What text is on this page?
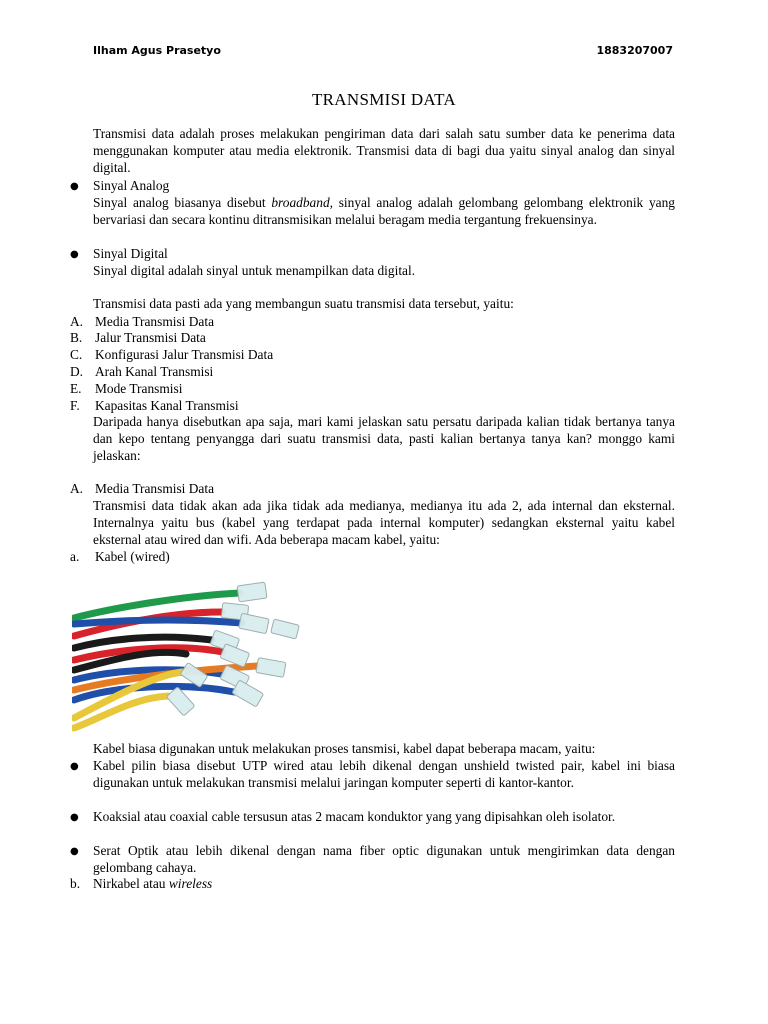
Ilham Agus Prasetyo	1883207007
TRANSMISI DATA
Transmisi data adalah proses melakukan pengiriman data dari salah satu sumber data ke penerima data menggunakan komputer atau media elektronik. Transmisi data di bagi dua yaitu sinyal analog dan sinyal digital.
● Sinyal Analog
Sinyal analog biasanya disebut broadband, sinyal analog adalah gelombang gelombang elektronik yang bervariasi dan secara kontinu ditransmisikan melalui beragam media tergantung frekuensinya.
● Sinyal Digital
Sinyal digital adalah sinyal untuk menampilkan data digital.
Transmisi data pasti ada yang membangun suatu transmisi data tersebut, yaitu:
A. Media Transmisi Data
B. Jalur Transmisi Data
C. Konfigurasi Jalur Transmisi Data
D. Arah Kanal Transmisi
E. Mode Transmisi
F. Kapasitas Kanal Transmisi
Daripada hanya disebutkan apa saja, mari kami jelaskan satu persatu daripada kalian tidak bertanya tanya dan kepo tentang penyangga dari suatu transmisi data, pasti kalian bertanya tanya kan? monggo kami jelaskan:
A. Media Transmisi Data
Transmisi data tidak akan ada jika tidak ada medianya, medianya itu ada 2, ada internal dan eksternal. Internalnya yaitu bus (kabel yang terdapat pada internal komputer) sedangkan eksternal yaitu kabel eksternal atau wired dan wifi. Ada beberapa macam kabel, yaitu:
a. Kabel (wired)
Kabel biasa digunakan untuk melakukan proses tansmisi, kabel dapat beberapa macam, yaitu:
● Kabel pilin biasa disebut UTP wired atau lebih dikenal dengan unshield twisted pair, kabel ini biasa digunakan untuk melakukan transmisi melalui jaringan komputer seperti di kantor-kantor.
● Koaksial atau coaxial cable tersusun atas 2 macam konduktor yang yang dipisahkan oleh isolator.
● Serat Optik atau lebih dikenal dengan nama fiber optic digunakan untuk mengirimkan data dengan gelombang cahaya.
b. Nirkabel atau wireless
